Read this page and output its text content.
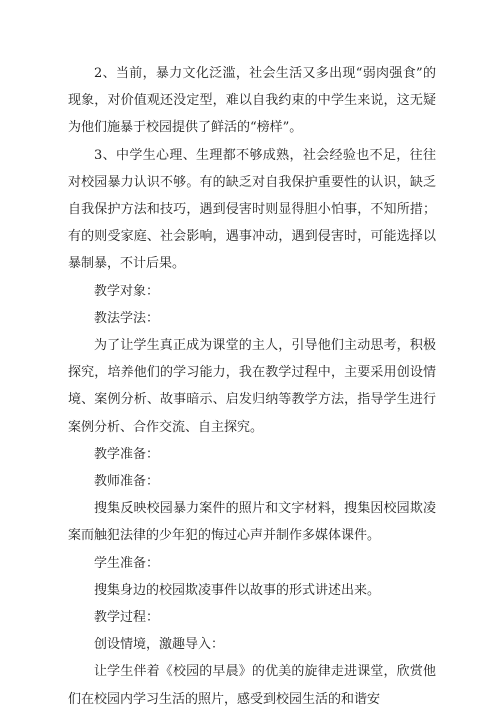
2、当前，暴力文化泛滥，社会生活又多出现“弱肉强食”的现象，对价值观还没定型，难以自我约束的中学生来说，这无疑为他们施暴于校园提供了鲜活的“榜样”。

3、中学生心理、生理都不够成熟，社会经验也不足，往往对校园暴力认识不够。有的缺乏对自我保护重要性的认识，缺乏自我保护方法和技巧，遇到侵害时则显得胆小怕事，不知所措；有的则受家庭、社会影响，遇事冲动，遇到侵害时，可能选择以暴制暴，不计后果。

教学对象：

教法学法：

为了让学生真正成为课堂的主人，引导他们主动思考，积极探究，培养他们的学习能力，我在教学过程中，主要采用创设情境、案例分析、故事暗示、启发归纳等教学方法，指导学生进行案例分析、合作交流、自主探究。

教学准备：

教师准备：

搜集反映校园暴力案件的照片和文字材料，搜集因校园欺凌案而触犯法律的少年犯的悔过心声并制作多媒体课件。

学生准备：

搜集身边的校园欺凌事件以故事的形式讲述出来。

教学过程：

创设情境，激趣导入：

让学生伴着《校园的早晨》的优美的旋律走进课堂，欣赏他们在校园内学习生活的照片，感受到校园生活的和谐安
